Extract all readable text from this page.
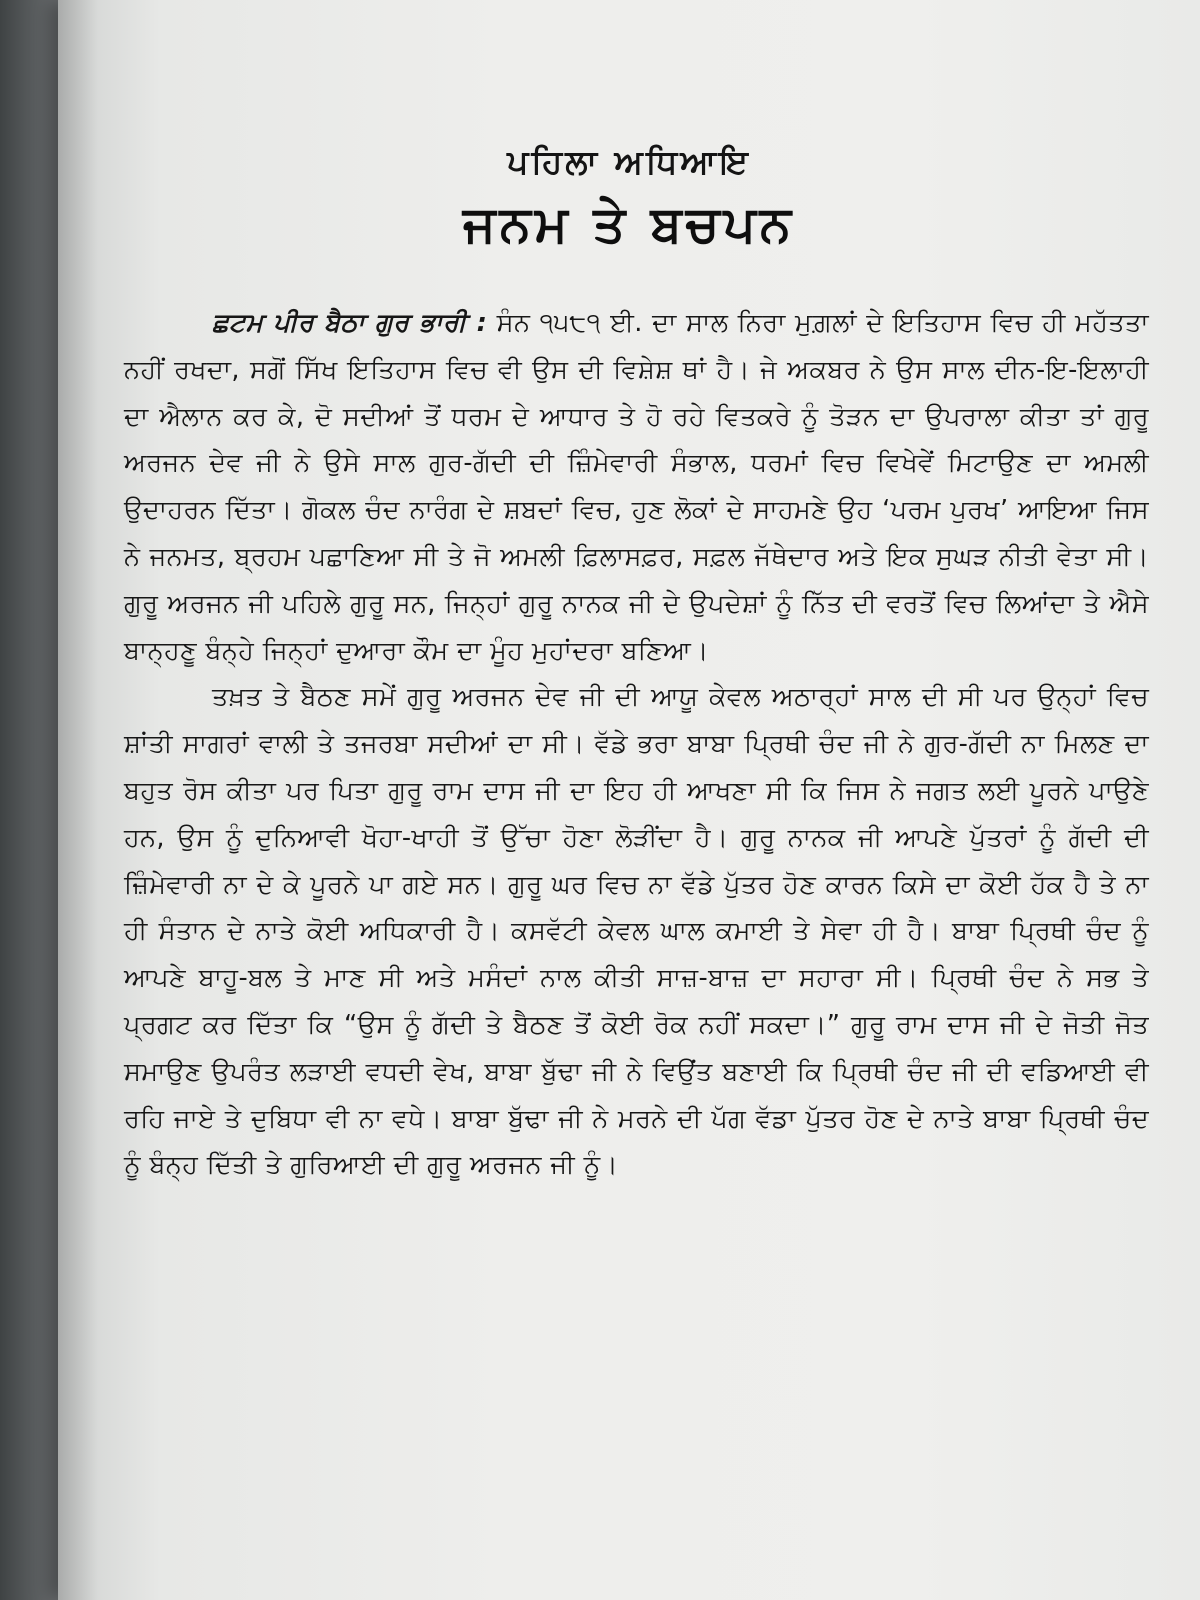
ਪਹਿਲਾ ਅਧਿਆਇ
ਜਨਮ ਤੇ ਬਚਪਨ

ਛਟਮ ਪੀਰ ਬੈਠਾ ਗੁਰ ਭਾਰੀ : ਸੰਨ ੧੫੮੧ ਈ. ਦਾ ਸਾਲ ਨਿਰਾ ਮੁਗ਼ਲਾਂ ਦੇ ਇਤਿਹਾਸ ਵਿਚ ਹੀ ਮਹੱਤਤਾ ਨਹੀਂ ਰਖਦਾ, ਸਗੋਂ ਸਿੱਖ ਇਤਿਹਾਸ ਵਿਚ ਵੀ ਉਸ ਦੀ ਵਿਸ਼ੇਸ਼ ਥਾਂ ਹੈ। ਜੇ ਅਕਬਰ ਨੇ ਉਸ ਸਾਲ ਦੀਨ-ਇ-ਇਲਾਹੀ ਦਾ ਐਲਾਨ ਕਰ ਕੇ, ਦੋ ਸਦੀਆਂ ਤੋਂ ਧਰਮ ਦੇ ਆਧਾਰ ਤੇ ਹੋ ਰਹੇ ਵਿਤਕਰੇ ਨੂੰ ਤੋੜਨ ਦਾ ਉਪਰਾਲਾ ਕੀਤਾ ਤਾਂ ਗੁਰੂ ਅਰਜਨ ਦੇਵ ਜੀ ਨੇ ਉਸੇ ਸਾਲ ਗੁਰ-ਗੱਦੀ ਦੀ ਜ਼ਿੰਮੇਵਾਰੀ ਸੰਭਾਲ, ਧਰਮਾਂ ਵਿਚ ਵਿਖੇਵੇਂ ਮਿਟਾਉਣ ਦਾ ਅਮਲੀ ਉਦਾਹਰਨ ਦਿੱਤਾ। ਗੋਕਲ ਚੰਦ ਨਾਰੰਗ ਦੇ ਸ਼ਬਦਾਂ ਵਿਚ, ਹੁਣ ਲੋਕਾਂ ਦੇ ਸਾਹਮਣੇ ਉਹ ‘ਪਰਮ ਪੁਰਖ’ ਆਇਆ ਜਿਸ ਨੇ ਜਨਮਤ, ਬ੍ਰਹਮ ਪਛਾਣਿਆ ਸੀ ਤੇ ਜੋ ਅਮਲੀ ਫ਼ਿਲਾਸਫ਼ਰ, ਸਫ਼ਲ ਜੱਥੇਦਾਰ ਅਤੇ ਇਕ ਸੁਘੜ ਨੀਤੀ ਵੇਤਾ ਸੀ। ਗੁਰੂ ਅਰਜਨ ਜੀ ਪਹਿਲੇ ਗੁਰੂ ਸਨ, ਜਿਨ੍ਹਾਂ ਗੁਰੂ ਨਾਨਕ ਜੀ ਦੇ ਉਪਦੇਸ਼ਾਂ ਨੂੰ ਨਿੱਤ ਦੀ ਵਰਤੋਂ ਵਿਚ ਲਿਆਂਦਾ ਤੇ ਐਸੇ ਬਾਨ੍ਹਣੂ ਬੰਨ੍ਹੇ ਜਿਨ੍ਹਾਂ ਦੁਆਰਾ ਕੌਮ ਦਾ ਮੂੰਹ ਮੁਹਾਂਦਰਾ ਬਣਿਆ।

ਤਖ਼ਤ ਤੇ ਬੈਠਣ ਸਮੇਂ ਗੁਰੂ ਅਰਜਨ ਦੇਵ ਜੀ ਦੀ ਆਯੂ ਕੇਵਲ ਅਠਾਰ੍ਹਾਂ ਸਾਲ ਦੀ ਸੀ ਪਰ ਉਨ੍ਹਾਂ ਵਿਚ ਸ਼ਾਂਤੀ ਸਾਗਰਾਂ ਵਾਲੀ ਤੇ ਤਜਰਬਾ ਸਦੀਆਂ ਦਾ ਸੀ। ਵੱਡੇ ਭਰਾ ਬਾਬਾ ਪ੍ਰਿਥੀ ਚੰਦ ਜੀ ਨੇ ਗੁਰ-ਗੱਦੀ ਨਾ ਮਿਲਣ ਦਾ ਬਹੁਤ ਰੋਸ ਕੀਤਾ ਪਰ ਪਿਤਾ ਗੁਰੂ ਰਾਮ ਦਾਸ ਜੀ ਦਾ ਇਹ ਹੀ ਆਖਣਾ ਸੀ ਕਿ ਜਿਸ ਨੇ ਜਗਤ ਲਈ ਪੂਰਨੇ ਪਾਉਣੇ ਹਨ, ਉਸ ਨੂੰ ਦੁਨਿਆਵੀ ਖੋਹਾ-ਖਾਹੀ ਤੋਂ ਉੱਚਾ ਹੋਣਾ ਲੋੜੀਂਦਾ ਹੈ। ਗੁਰੂ ਨਾਨਕ ਜੀ ਆਪਣੇ ਪੁੱਤਰਾਂ ਨੂੰ ਗੱਦੀ ਦੀ ਜ਼ਿੰਮੇਵਾਰੀ ਨਾ ਦੇ ਕੇ ਪੂਰਨੇ ਪਾ ਗਏ ਸਨ। ਗੁਰੂ ਘਰ ਵਿਚ ਨਾ ਵੱਡੇ ਪੁੱਤਰ ਹੋਣ ਕਾਰਨ ਕਿਸੇ ਦਾ ਕੋਈ ਹੱਕ ਹੈ ਤੇ ਨਾ ਹੀ ਸੰਤਾਨ ਦੇ ਨਾਤੇ ਕੋਈ ਅਧਿਕਾਰੀ ਹੈ। ਕਸਵੱਟੀ ਕੇਵਲ ਘਾਲ ਕਮਾਈ ਤੇ ਸੇਵਾ ਹੀ ਹੈ। ਬਾਬਾ ਪ੍ਰਿਥੀ ਚੰਦ ਨੂੰ ਆਪਣੇ ਬਾਹੂ-ਬਲ ਤੇ ਮਾਣ ਸੀ ਅਤੇ ਮਸੰਦਾਂ ਨਾਲ ਕੀਤੀ ਸਾਜ਼-ਬਾਜ਼ ਦਾ ਸਹਾਰਾ ਸੀ। ਪ੍ਰਿਥੀ ਚੰਦ ਨੇ ਸਭ ਤੇ ਪ੍ਰਗਟ ਕਰ ਦਿੱਤਾ ਕਿ “ਉਸ ਨੂੰ ਗੱਦੀ ਤੇ ਬੈਠਣ ਤੋਂ ਕੋਈ ਰੋਕ ਨਹੀਂ ਸਕਦਾ।” ਗੁਰੂ ਰਾਮ ਦਾਸ ਜੀ ਦੇ ਜੋਤੀ ਜੋਤ ਸਮਾਉਣ ਉਪਰੰਤ ਲੜਾਈ ਵਧਦੀ ਵੇਖ, ਬਾਬਾ ਬੁੱਢਾ ਜੀ ਨੇ ਵਿਉਂਤ ਬਣਾਈ ਕਿ ਪ੍ਰਿਥੀ ਚੰਦ ਜੀ ਦੀ ਵਡਿਆਈ ਵੀ ਰਹਿ ਜਾਏ ਤੇ ਦੁਬਿਧਾ ਵੀ ਨਾ ਵਧੇ। ਬਾਬਾ ਬੁੱਢਾ ਜੀ ਨੇ ਮਰਨੇ ਦੀ ਪੱਗ ਵੱਡਾ ਪੁੱਤਰ ਹੋਣ ਦੇ ਨਾਤੇ ਬਾਬਾ ਪ੍ਰਿਥੀ ਚੰਦ ਨੂੰ ਬੰਨ੍ਹ ਦਿੱਤੀ ਤੇ ਗੁਰਿਆਈ ਦੀ ਗੁਰੂ ਅਰਜਨ ਜੀ ਨੂੰ।
